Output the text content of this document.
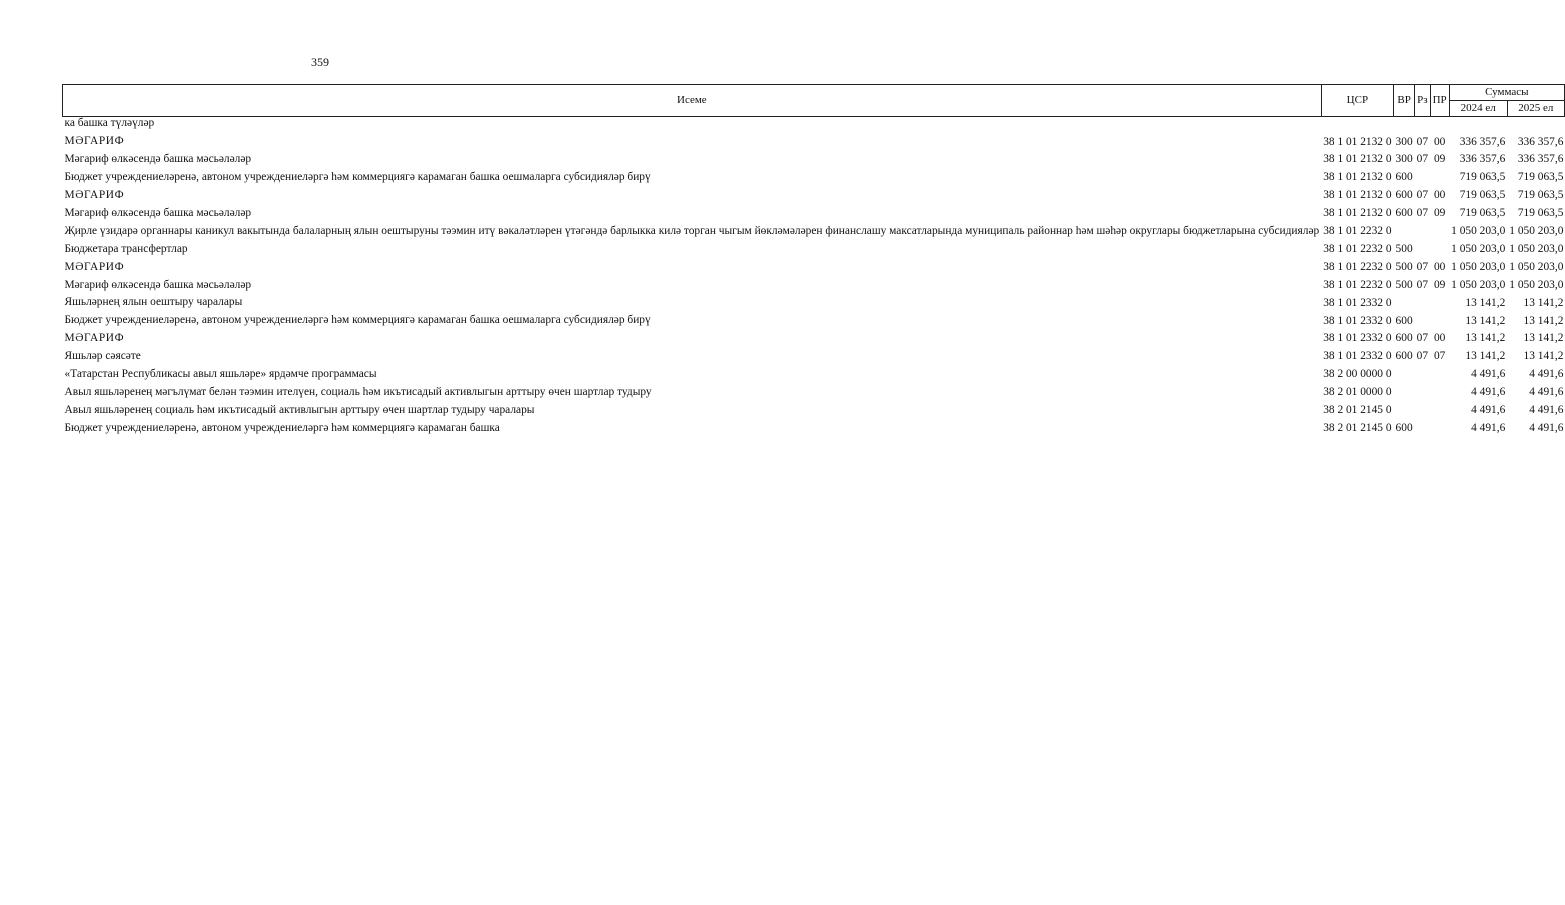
359
Исеме	ЦСР	ВР	Рз	ПР	Суммасы	
					2024 ел	2025 ел
ка башка түләүләр						
МӘГАРИФ	38 1 01 2132 0	300	07	00	336 357,6	336 357,6
Мәгариф өлкәсендә башка мәсьәләләр	38 1 01 2132 0	300	07	09	336 357,6	336 357,6
Бюджет учреждениеләренә, автоном учреждениеләргә һәм коммерциягә карамаган башка оешмаларга субсидияләр бирү	38 1 01 2132 0	600			719 063,5	719 063,5
МӘГАРИФ	38 1 01 2132 0	600	07	00	719 063,5	719 063,5
Мәгариф өлкәсендә башка мәсьәләләр	38 1 01 2132 0	600	07	09	719 063,5	719 063,5
Җирле үзидарә органнары каникул вакытында балаларның ялын оештыруны тәэмин итү вәкаләтләрен үтәгәндә барлыкка килә торган чыгым йөкләмәләрен финанслашу максатларында муниципаль районнар һәм шәһәр округлары бюджетларына субсидияләр	38 1 01 2232 0				1 050 203,0	1 050 203,0
Бюджетара трансфертлар	38 1 01 2232 0	500			1 050 203,0	1 050 203,0
МӘГАРИФ	38 1 01 2232 0	500	07	00	1 050 203,0	1 050 203,0
Мәгариф өлкәсендә башка мәсьәләләр	38 1 01 2232 0	500	07	09	1 050 203,0	1 050 203,0
Яшьләрнең ялын оештыру чаралары	38 1 01 2332 0				13 141,2	13 141,2
Бюджет учреждениеләренә, автоном учреждениеләргә һәм коммерциягә карамаган башка оешмаларга субсидияләр бирү	38 1 01 2332 0	600			13 141,2	13 141,2
МӘГАРИФ	38 1 01 2332 0	600	07	00	13 141,2	13 141,2
Яшьләр сәясәте	38 1 01 2332 0	600	07	07	13 141,2	13 141,2
«Татарстан Республикасы авыл яшьләре» ярдәмче программасы	38 2 00 0000 0				4 491,6	4 491,6
Авыл яшьләренең мәгълүмат белән тәэмин ителүен, социаль һәм икътисадый активлыгын арттыру өчен шартлар тудыру	38 2 01 0000 0				4 491,6	4 491,6
Авыл яшьләренең социаль һәм икътисадый активлыгын арттыру өчен шартлар тудыру чаралары	38 2 01 2145 0				4 491,6	4 491,6
Бюджет учреждениеләренә, автоном учреждениеләргә һәм коммерциягә карамаган башка	38 2 01 2145 0	600			4 491,6	4 491,6
